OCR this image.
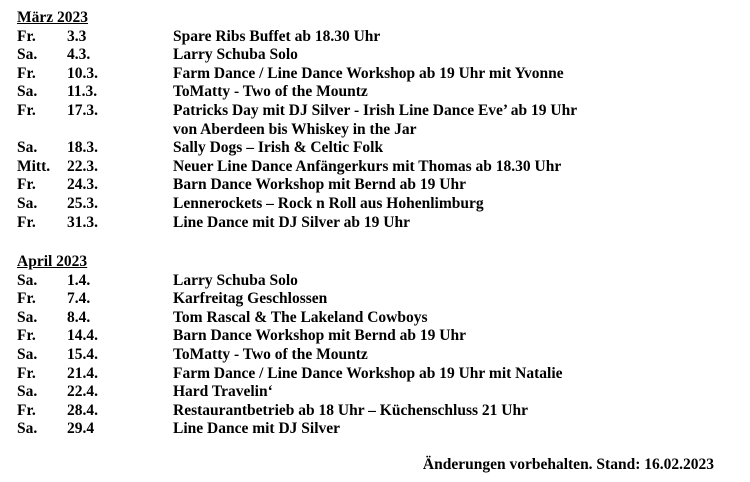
März 2023
Fr. 3.3	Spare Ribs Buffet ab 18.30 Uhr
Sa. 4.3.	Larry Schuba Solo
Fr. 10.3.	Farm Dance / Line Dance Workshop ab 19 Uhr mit Yvonne
Sa. 11.3.	ToMatty - Two of the Mountz
Fr. 17.3.	Patricks Day mit DJ Silver - Irish Line Dance Eve’ ab 19 Uhr
von Aberdeen bis Whiskey in the Jar
Sa. 18.3.	Sally Dogs – Irish & Celtic Folk
Mitt. 22.3.	Neuer Line Dance Anfängerkurs mit Thomas ab 18.30 Uhr
Fr. 24.3.	Barn Dance Workshop mit Bernd ab 19 Uhr
Sa. 25.3.	Lennerockets – Rock n Roll aus Hohenlimburg
Fr. 31.3.	Line Dance mit DJ Silver ab 19 Uhr
April 2023
Sa. 1.4.	Larry Schuba Solo
Fr. 7.4.	Karfreitag Geschlossen
Sa. 8.4.	Tom Rascal & The Lakeland Cowboys
Fr. 14.4.	Barn Dance Workshop mit Bernd ab 19 Uhr
Sa. 15.4.	ToMatty - Two of the Mountz
Fr. 21.4.	Farm Dance / Line Dance Workshop ab 19 Uhr mit Natalie
Sa. 22.4.	Hard Travelin‘
Fr. 28.4.	Restaurantbetrieb ab 18 Uhr – Küchenschluss 21 Uhr
Sa. 29.4	Line Dance mit DJ Silver
Änderungen vorbehalten. Stand: 16.02.2023
